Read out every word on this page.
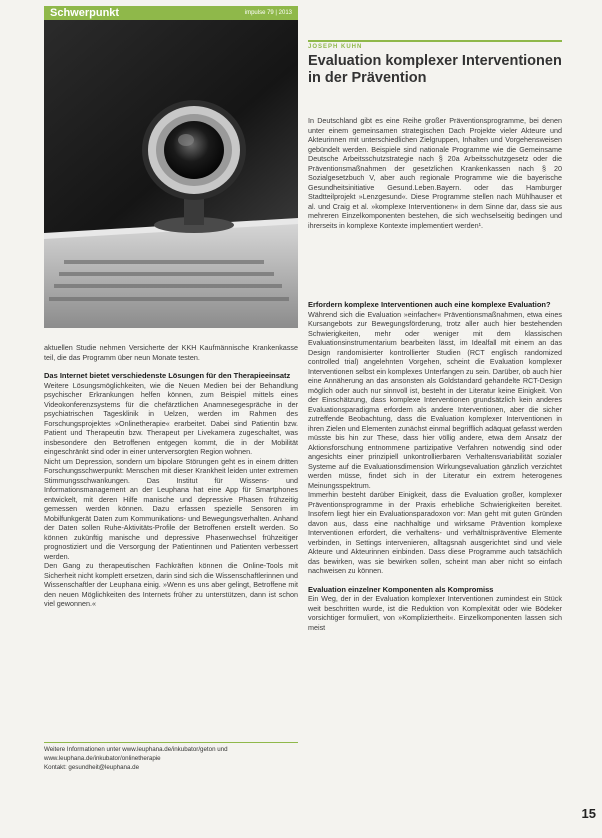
Schwerpunkt	impulse 79 | 2013
JOSEPH KUHN
Evaluation komplexer Interventionen
in der Prävention

In Deutschland gibt es eine Reihe großer Präventionsprogramme, bei denen unter einem gemeinsamen strategischen Dach Projekte vieler Akteure und Akteurinnen mit unterschiedlichen Zielgruppen, Inhalten und Vorgehensweisen gebündelt werden. Beispiele sind nationale Programme wie die Gemeinsame Deutsche Arbeitsschutzstrategie nach § 20a Arbeitsschutzgesetz oder die Präventionsmaßnahmen der gesetzlichen Krankenkassen nach § 20 Sozialgesetzbuch V, aber auch regionale Programme wie die bayerische Gesundheitsinitiative Gesund.Leben.Bayern. oder das Hamburger Stadtteilprojekt »Lenzgesund«. Diese Programme stellen nach Mühlhauser et al. und Craig et al. »komplexe Interventionen« in dem Sinne dar, dass sie aus mehreren Einzelkomponenten bestehen, die sich wechselseitig bedingen und ihrerseits in komplexe Kontexte implementiert werden¹.

Erfordern komplexe Interventionen auch eine komplexe Evaluation?

Während sich die Evaluation »einfacher« Präventionsmaßnahmen, etwa eines Kursangebots zur Bewegungsförderung, trotz aller auch hier bestehenden Schwierigkeiten, mehr oder weniger mit dem klassischen Evaluationsinstrumentarium bearbeiten lässt, im Idealfall mit einem an das Design randomisierter kontrollierter Studien (RCT englisch randomized controlled trial) angelehnten Vorgehen, scheint die Evaluation komplexer Interventionen selbst ein komplexes Unterfangen zu sein. Darüber, ob auch hier eine Annäherung an das ansonsten als Goldstandard gehandelte RCT-Design möglich oder auch nur sinnvoll ist, besteht in der Literatur keine Einigkeit. Von der Einschätzung, dass komplexe Interventionen grundsätzlich kein anderes Evaluationsparadigma erfordern als andere Interventionen, aber die sicher zutreffende Beobachtung, dass die Evaluation komplexer Interventionen in ihren Zielen und Elementen zunächst einmal begrifflich adäquat gefasst werden müsste bis hin zur These, dass hier völlig andere, etwa dem Ansatz der Aktionsforschung entnommene partizipative Verfahren notwendig sind oder angesichts einer prinzipiell unkontrollierbaren Verhaltensvariabilität sozialer Systeme auf die Evaluationsdimension Wirkungsevaluation gänzlich verzichtet werden müsse, findet sich in der Literatur ein extrem heterogenes Meinungsspektrum.

Immerhin besteht darüber Einigkeit, dass die Evaluation großer, komplexer Präventionsprogramme in der Praxis erhebliche Schwierigkeiten bereitet. Insofern liegt hier ein Evaluationsparadoxon vor: Man geht mit guten Gründen davon aus, dass eine nachhaltige und wirksame Prävention komplexe Interventionen erfordert, die verhaltens- und verhältnispräventive Elemente verbinden, in Settings intervenieren, alltagsnah ausgerichtet sind und viele Akteure und Akteurinnen einbinden. Dass diese Programme auch tatsächlich das bewirken, was sie bewirken sollen, scheint man aber nicht so einfach nachweisen zu können.

Evaluation einzelner Komponenten als Kompromiss

Ein Weg, der in der Evaluation komplexer Interventionen zumindest ein Stück weit beschritten wurde, ist die Reduktion von Komplexität oder wie Bödeker vorsichtiger formuliert, von »Kompliziertheit«. Einzelkomponenten lassen sich meist

aktuellen Studie nehmen Versicherte der KKH Kaufmännische Krankenkasse teil, die das Programm über neun Monate testen.

Das Internet bietet verschiedenste Lösungen für den Therapieeinsatz

Weitere Lösungsmöglichkeiten, wie die Neuen Medien bei der Behandlung psychischer Erkrankungen helfen können, zum Beispiel mittels eines Videokonferenzsystems für die chefärztlichen Anamnesegespräche in der psychiatrischen Tagesklinik in Uelzen, werden im Rahmen des Forschungsprojektes »Onlinetherapie« erarbeitet. Dabei sind Patientin bzw. Patient und Therapeutin bzw. Therapeut per Livekamera zugeschaltet, was insbesondere den Betroffenen entgegen kommt, die in der Mobilität eingeschränkt sind oder in einer unterversorgten Region wohnen.

Nicht um Depression, sondern um bipolare Störungen geht es in einem dritten Forschungsschwerpunkt: Menschen mit dieser Krankheit leiden unter extremen Stimmungsschwankungen. Das Institut für Wissens- und Informationsmanagement an der Leuphana hat eine App für Smartphones entwickelt, mit deren Hilfe manische und depressive Phasen frühzeitig gemessen werden können. Dazu erfassen spezielle Sensoren im Mobilfunkgerät Daten zum Kommunikations- und Bewegungsverhalten. Anhand der Daten sollen Ruhe-Aktivitäts-Profile der Betroffenen erstellt werden. So können zukünftig manische und depressive Phasenwechsel frühzeitiger prognostiziert und die Versorgung der Patientinnen und Patienten verbessert werden.

Den Gang zu therapeutischen Fachkräften können die Online-Tools mit Sicherheit nicht komplett ersetzen, darin sind sich die Wissenschaftlerinnen und Wissenschaftler der Leuphana einig. »Wenn es uns aber gelingt, Betroffene mit den neuen Möglichkeiten des Internets früher zu unterstützen, dann ist schon viel gewonnen.«

Weitere Informationen unter www.leuphana.de/inkubator/geton und
www.leuphana.de/inkubator/onlinetherapie
Kontakt: gesundheit@leuphana.de
15
